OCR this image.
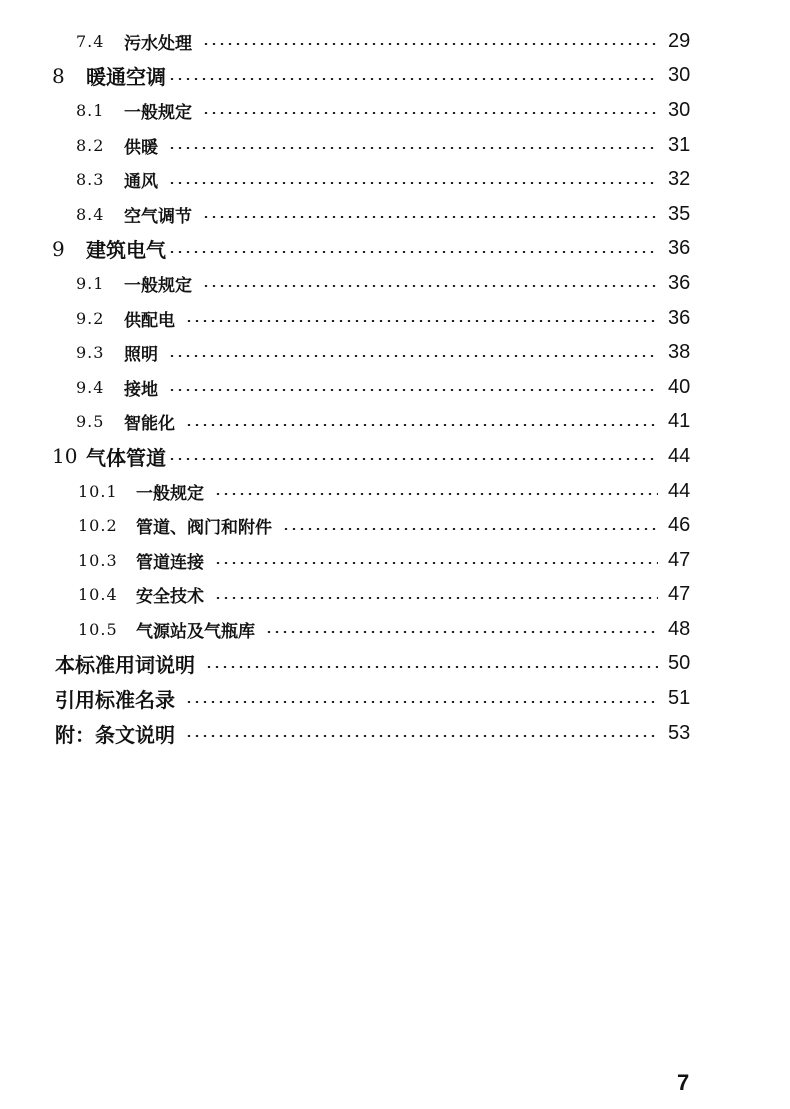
7.4	污水处理	29
8	暖通空调	30
8.1	一般规定	30
8.2	供暖	31
8.3	通风	32
8.4	空气调节	35
9	建筑电气	36
9.1	一般规定	36
9.2	供配电	36
9.3	照明	38
9.4	接地	40
9.5	智能化	41
10 气体管道	44
10.1	一般规定	44
10.2	管道、阀门和附件	46
10.3	管道连接	47
10.4	安全技术	47
10.5	气源站及气瓶库	48
本标准用词说明	50
引用标准名录	51
附：条文说明	53
7
